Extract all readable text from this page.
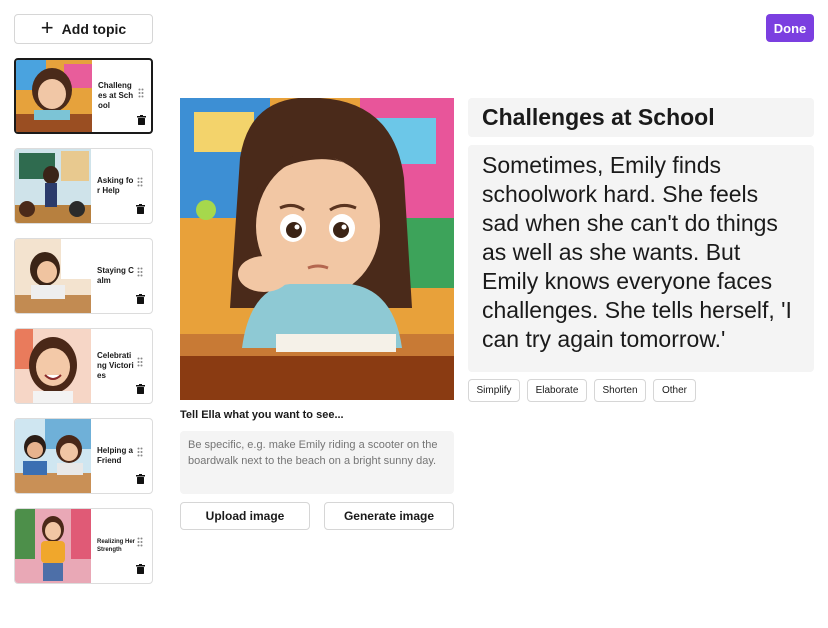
+ Add topic	Done
Challenges at School
Asking for Help
Staying Calm
Celebrating Victories
Helping a Friend
Realizing Her Strength
Tell Ella what you want to see...
Be specific, e.g. make Emily riding a scooter on the boardwalk next to the beach on a bright sunny day.
Upload image	Generate image
Challenges at School
Sometimes, Emily finds schoolwork hard. She feels sad when she can't do things as well as she wants. But Emily knows everyone faces challenges. She tells herself, 'I can try again tomorrow.'
Simplify	Elaborate	Shorten	Other
